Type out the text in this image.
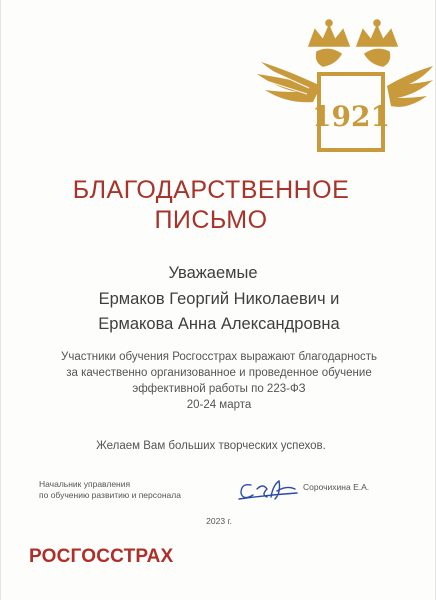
1921
БЛАГОДАРСТВЕННОЕ
ПИСЬМО
Уважаемые
Ермаков Георгий Николаевич и
Ермакова Анна Александровна
Участники обучения Росгосстрах выражают благодарность
за качественно организованное и проведенное обучение
эффективной работы по 223-ФЗ
20-24 марта
Желаем Вам больших творческих успехов.
Начальник управления
по обучению развитию и персонала
Сорочихина Е.А.
2023 г.
РОСГОССТРАХ
